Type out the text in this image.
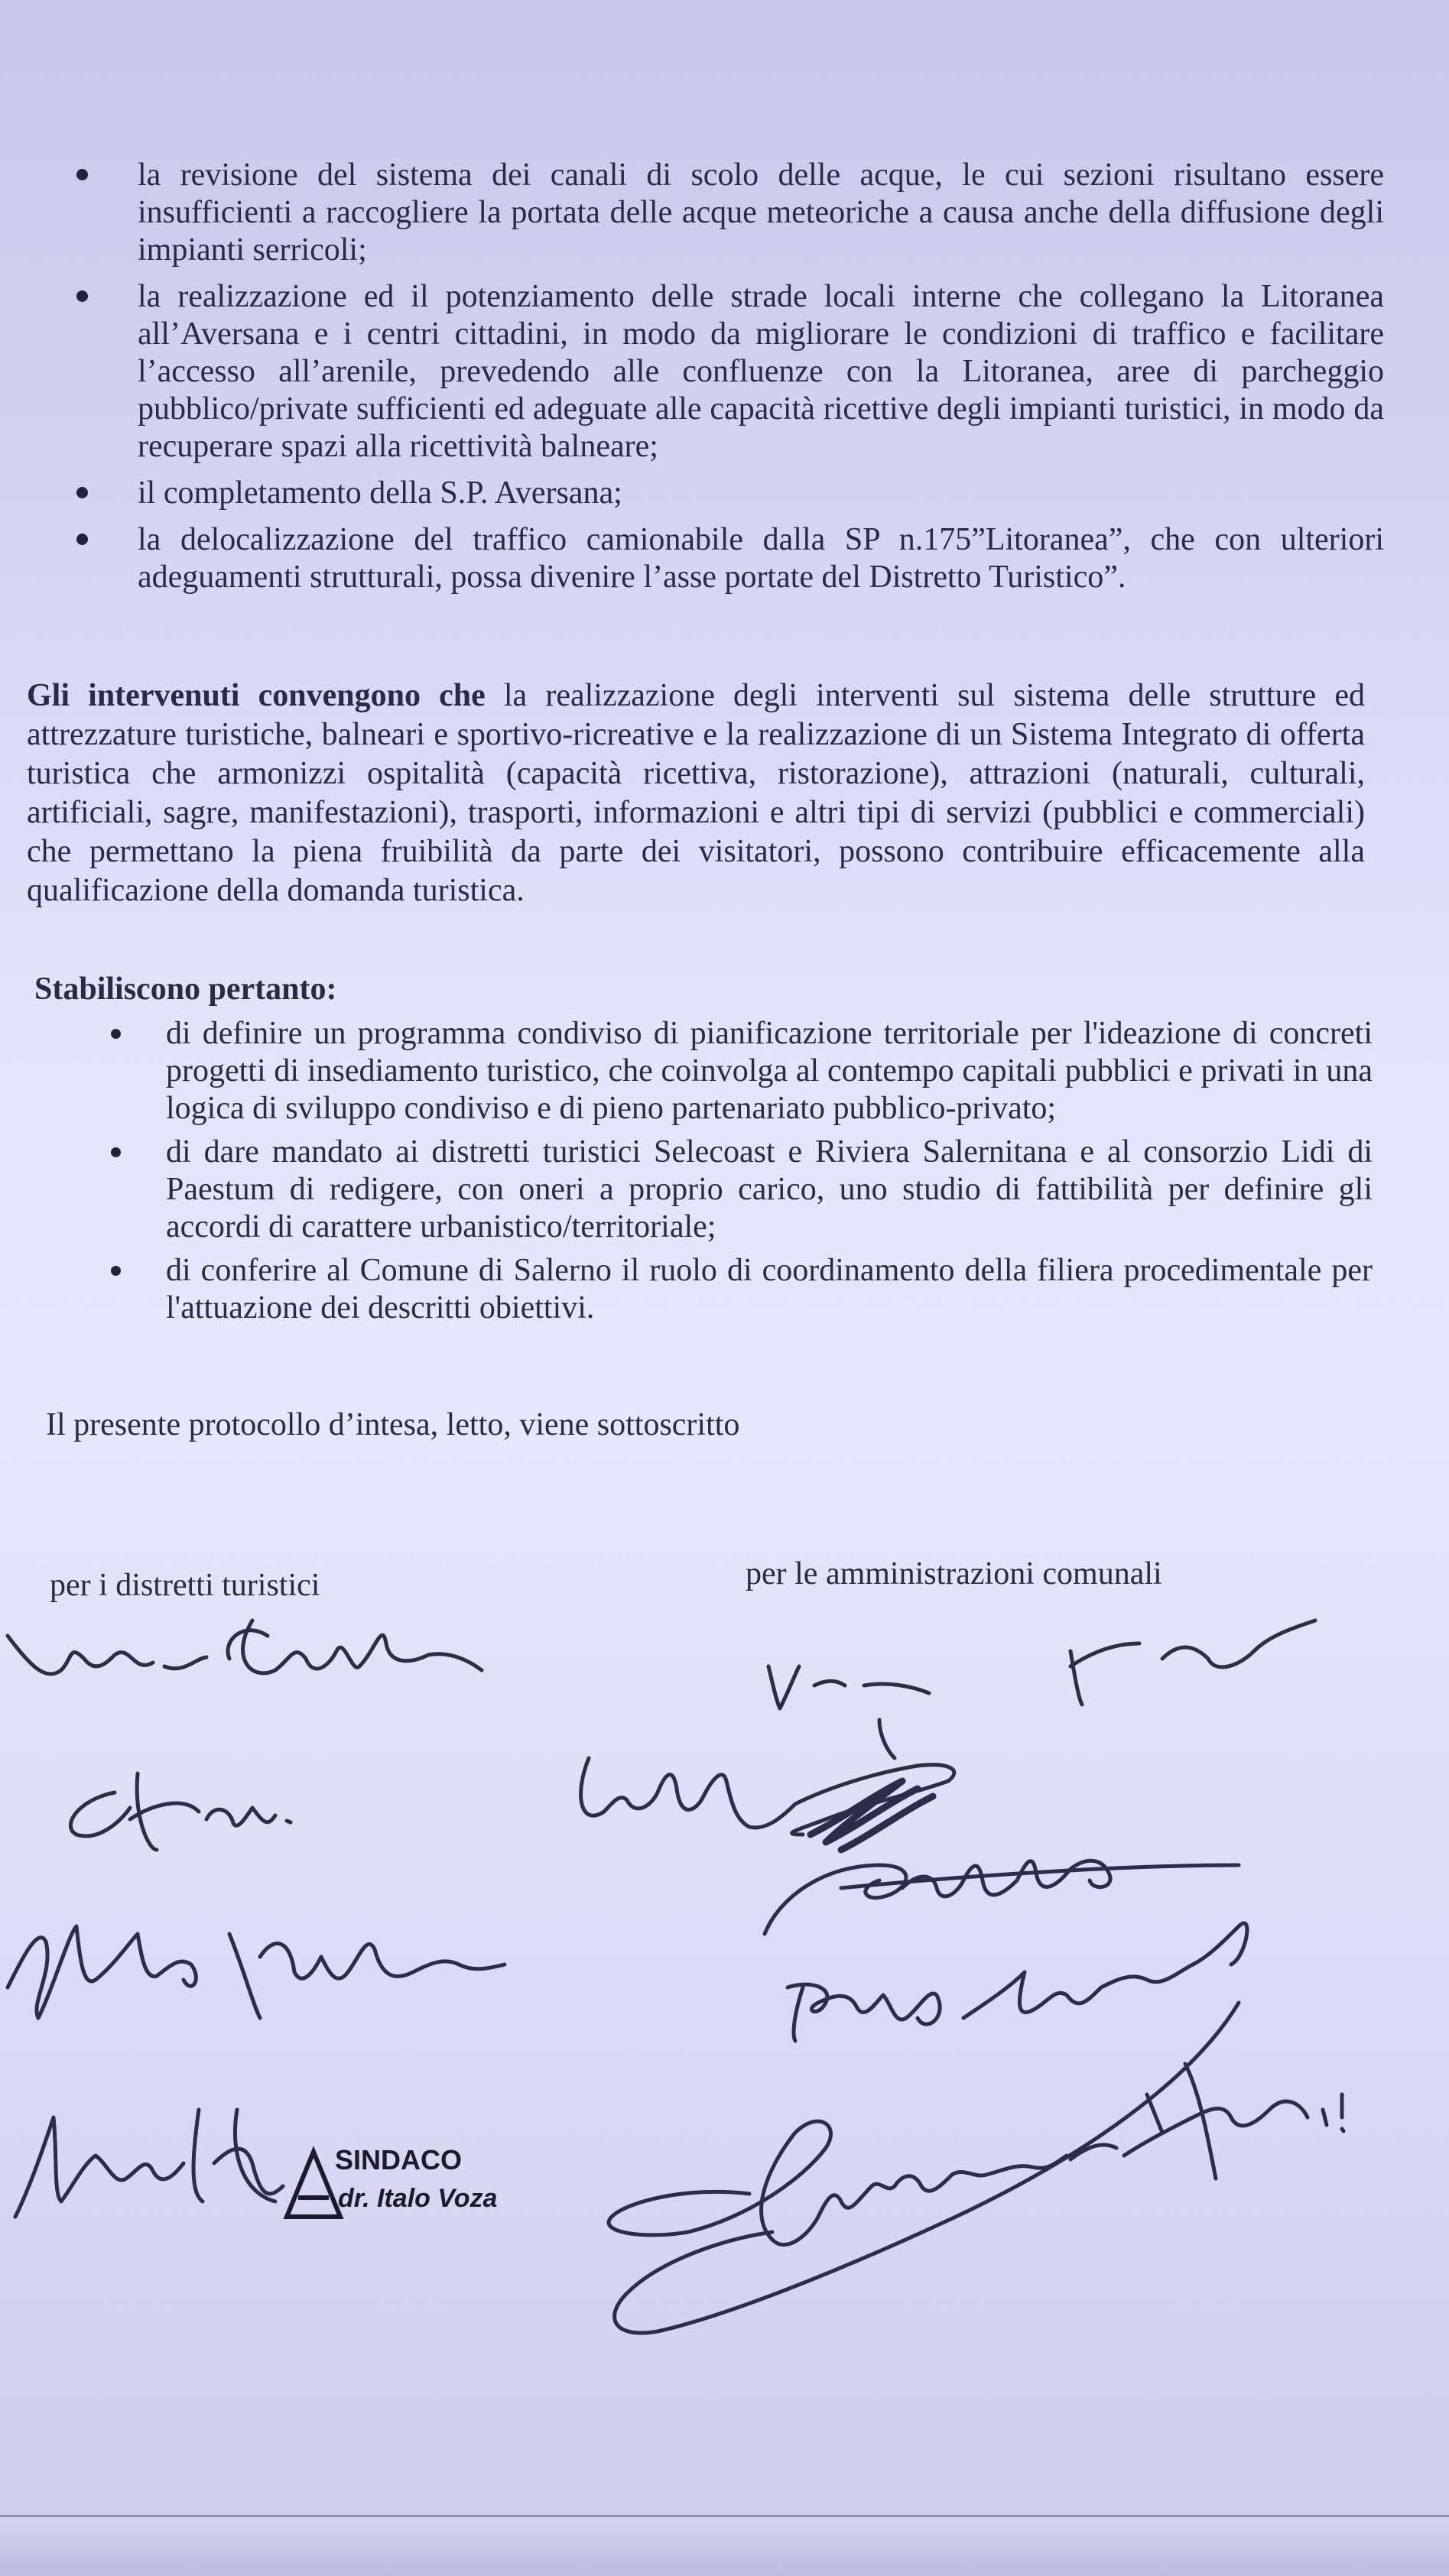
la revisione del sistema dei canali di scolo delle acque, le cui sezioni risultano essere insufficienti a raccogliere la portata delle acque meteoriche a causa anche della diffusione degli impianti serricoli;
la realizzazione ed il potenziamento delle strade locali interne che collegano la Litoranea all’Aversana e i centri cittadini, in modo da migliorare le condizioni di traffico e facilitare l’accesso all’arenile, prevedendo alle confluenze con la Litoranea, aree di parcheggio pubblico/private sufficienti ed adeguate alle capacità ricettive degli impianti turistici, in modo da recuperare spazi alla ricettività balneare;
il completamento della S.P. Aversana;
la delocalizzazione del traffico camionabile dalla SP n.175”Litoranea”, che con ulteriori adeguamenti strutturali, possa divenire l’asse portate del Distretto Turistico”.

Gli intervenuti convengono che la realizzazione degli interventi sul sistema delle strutture ed attrezzature turistiche, balneari e sportivo-ricreative e la realizzazione di un Sistema Integrato di offerta turistica che armonizzi ospitalità (capacità ricettiva, ristorazione), attrazioni (naturali, culturali, artificiali, sagre, manifestazioni), trasporti, informazioni e altri tipi di servizi (pubblici e commerciali) che permettano la piena fruibilità da parte dei visitatori, possono contribuire efficacemente alla qualificazione della domanda turistica.

Stabiliscono pertanto:

di definire un programma condiviso di pianificazione territoriale per l'ideazione di concreti progetti di insediamento turistico, che coinvolga al contempo capitali pubblici e privati in una logica di sviluppo condiviso e di pieno partenariato pubblico-privato;
di dare mandato ai distretti turistici Selecoast e Riviera Salernitana e al consorzio Lidi di Paestum di redigere, con oneri a proprio carico, uno studio di fattibilità per definire gli accordi di carattere urbanistico/territoriale;
di conferire al Comune di Salerno il ruolo di coordinamento della filiera procedimentale per l'attuazione dei descritti obiettivi.

Il presente protocollo d’intesa, letto, viene sottoscritto

per i distretti turistici	per le amministrazioni comunali

SINDACO
dr. Italo Voza
